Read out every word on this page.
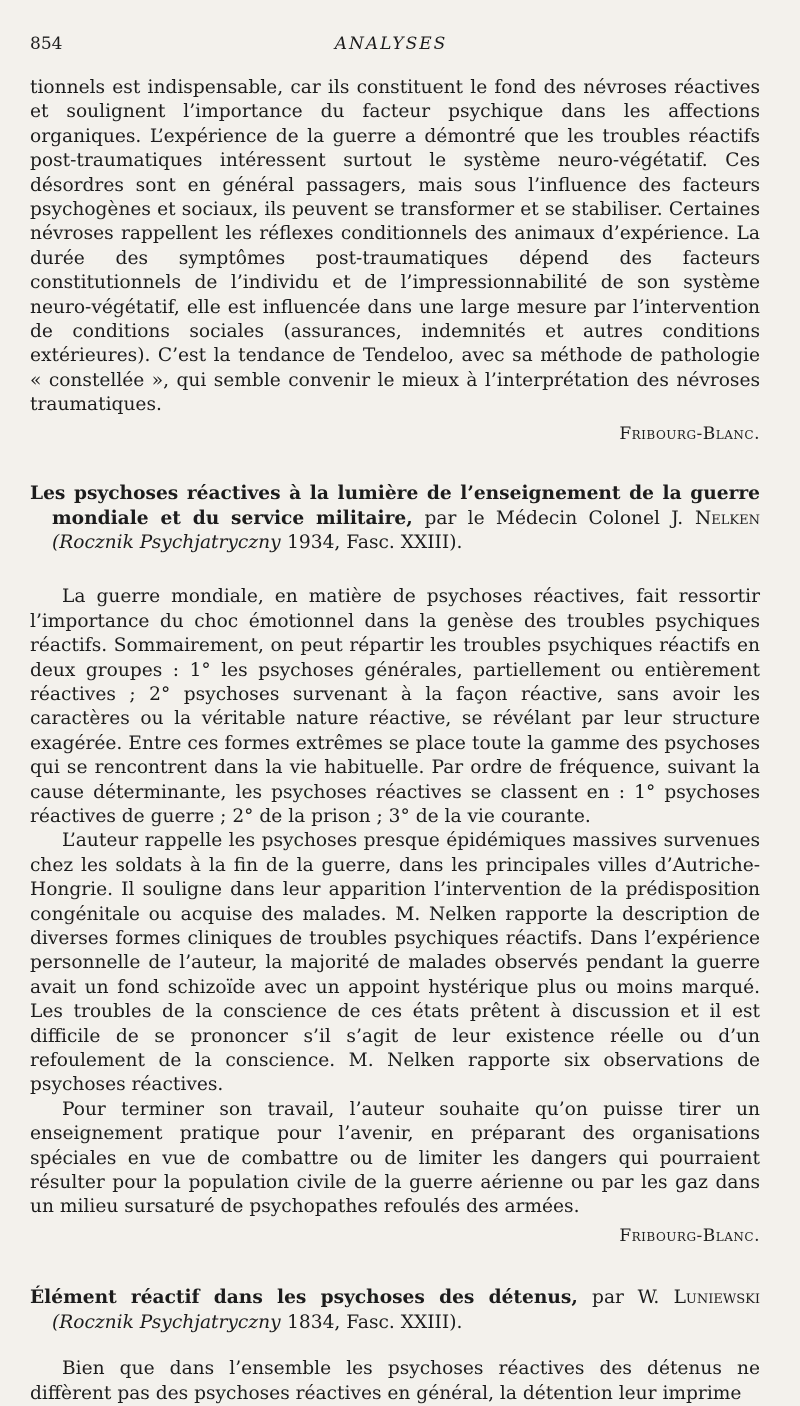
854	ANALYSES

tionnels est indispensable, car ils constituent le fond des névroses réactives et soulignent l’importance du facteur psychique dans les affections organiques. L’expérience de la guerre a démontré que les troubles réactifs post-traumatiques intéressent surtout le système neuro-végétatif. Ces désordres sont en général passagers, mais sous l’influence des facteurs psychogènes et sociaux, ils peuvent se transformer et se stabiliser. Certaines névroses rappellent les réflexes conditionnels des animaux d’expérience. La durée des symptômes post-traumatiques dépend des facteurs constitutionnels de l’individu et de l’impressionnabilité de son système neuro-végétatif, elle est influencée dans une large mesure par l’intervention de conditions sociales (assurances, indemnités et autres conditions extérieures). C’est la tendance de Tendeloo, avec sa méthode de pathologie « constellée », qui semble convenir le mieux à l’interprétation des névroses traumatiques.

Fribourg-Blanc.
Les psychoses réactives à la lumière de l’enseignement de la guerre mondiale et du service militaire, par le Médecin Colonel J. Nelken (Rocznik Psychjatryczny 1934, Fasc. XXIII).

La guerre mondiale, en matière de psychoses réactives, fait ressortir l’importance du choc émotionnel dans la genèse des troubles psychiques réactifs. Sommairement, on peut répartir les troubles psychiques réactifs en deux groupes : 1° les psychoses générales, partiellement ou entièrement réactives ; 2° psychoses survenant à la façon réactive, sans avoir les caractères ou la véritable nature réactive, se révélant par leur structure exagérée. Entre ces formes extrêmes se place toute la gamme des psychoses qui se rencontrent dans la vie habituelle. Par ordre de fréquence, suivant la cause déterminante, les psychoses réactives se classent en : 1° psychoses réactives de guerre ; 2° de la prison ; 3° de la vie courante.

L’auteur rappelle les psychoses presque épidémiques massives survenues chez les soldats à la fin de la guerre, dans les principales villes d’Autriche-Hongrie. Il souligne dans leur apparition l’intervention de la prédisposition congénitale ou acquise des malades. M. Nelken rapporte la description de diverses formes cliniques de troubles psychiques réactifs. Dans l’expérience personnelle de l’auteur, la majorité de malades observés pendant la guerre avait un fond schizoïde avec un appoint hystérique plus ou moins marqué. Les troubles de la conscience de ces états prêtent à discussion et il est difficile de se prononcer s’il s’agit de leur existence réelle ou d’un refoulement de la conscience. M. Nelken rapporte six observations de psychoses réactives.

Pour terminer son travail, l’auteur souhaite qu’on puisse tirer un enseignement pratique pour l’avenir, en préparant des organisations spéciales en vue de combattre ou de limiter les dangers qui pourraient résulter pour la population civile de la guerre aérienne ou par les gaz dans un milieu sursaturé de psychopathes refoulés des armées.

Fribourg-Blanc.
Élément réactif dans les psychoses des détenus, par W. Luniewski (Rocznik Psychjatryczny 1834, Fasc. XXIII).

Bien que dans l’ensemble les psychoses réactives des détenus ne diffèrent pas des psychoses réactives en général, la détention leur imprime
